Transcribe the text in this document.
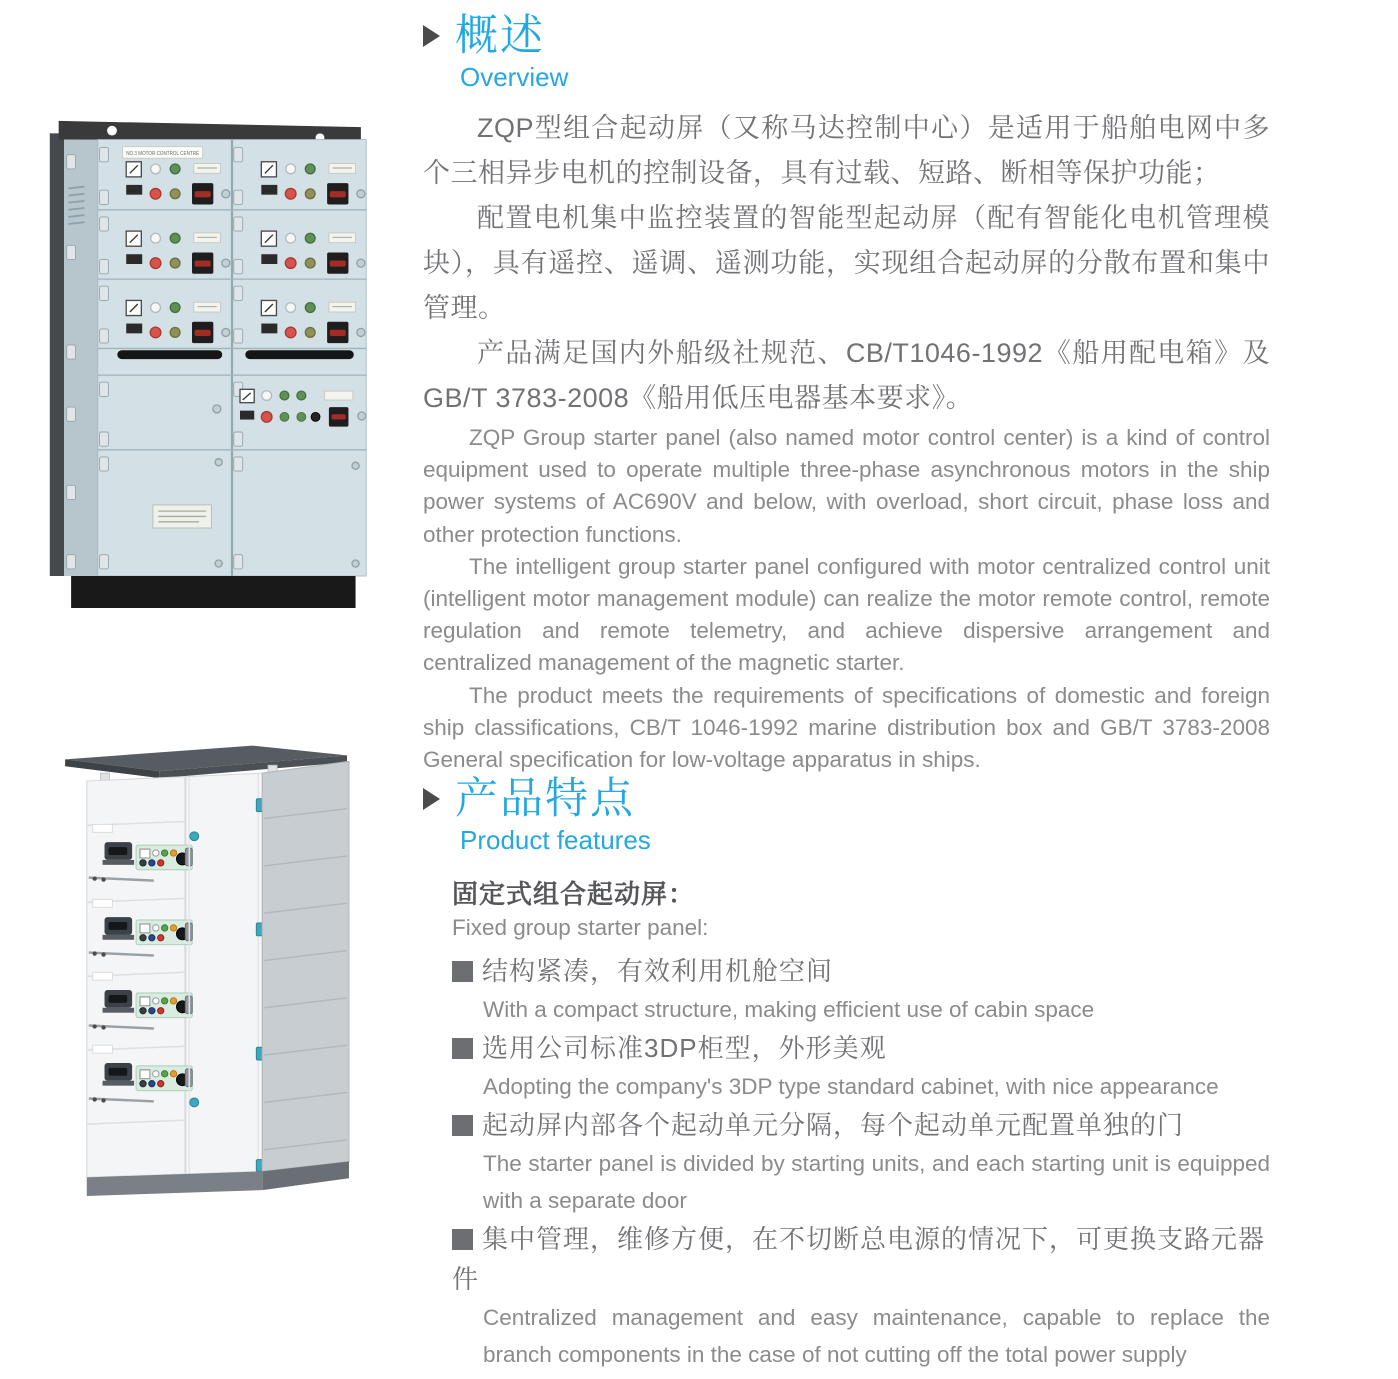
NO.3 MOTOR CONTROL CENTRE
概述
Overview

ZQP型组合起动屏（又称马达控制中心）是适用于船舶电网中多个三相异步电机的控制设备，具有过载、短路、断相等保护功能；

配置电机集中监控装置的智能型起动屏（配有智能化电机管理模块），具有遥控、遥调、遥测功能，实现组合起动屏的分散布置和集中管理。

产品满足国内外船级社规范、CB/T1046-1992《船用配电箱》及GB/T 3783-2008《船用低压电器基本要求》。

ZQP Group starter panel (also named motor control center) is a kind of control equipment used to operate multiple three-phase asynchronous motors in the ship power systems of AC690V and below, with overload, short circuit, phase loss and other protection functions.

The intelligent group starter panel configured with motor centralized control unit (intelligent motor management module) can realize the motor remote control, remote regulation and remote telemetry, and achieve dispersive arrangement and centralized management of the magnetic starter.

The product meets the requirements of specifications of domestic and foreign ship classifications, CB/T 1046-1992 marine distribution box and GB/T 3783-2008 General specification for low-voltage apparatus in ships.

产品特点
Product features
固定式组合起动屏：
Fixed group starter panel:
结构紧凑，有效利用机舱空间

With a compact structure, making efficient use of cabin space

选用公司标准3DP柜型，外形美观

Adopting the company's 3DP type standard cabinet, with nice appearance

起动屏内部各个起动单元分隔，每个起动单元配置单独的门

The starter panel is divided by starting units, and each starting unit is equipped with a separate door

集中管理，维修方便，在不切断总电源的情况下，可更换支路元器件

Centralized management and easy maintenance, capable to replace the branch components in the case of not cutting off the total power supply
